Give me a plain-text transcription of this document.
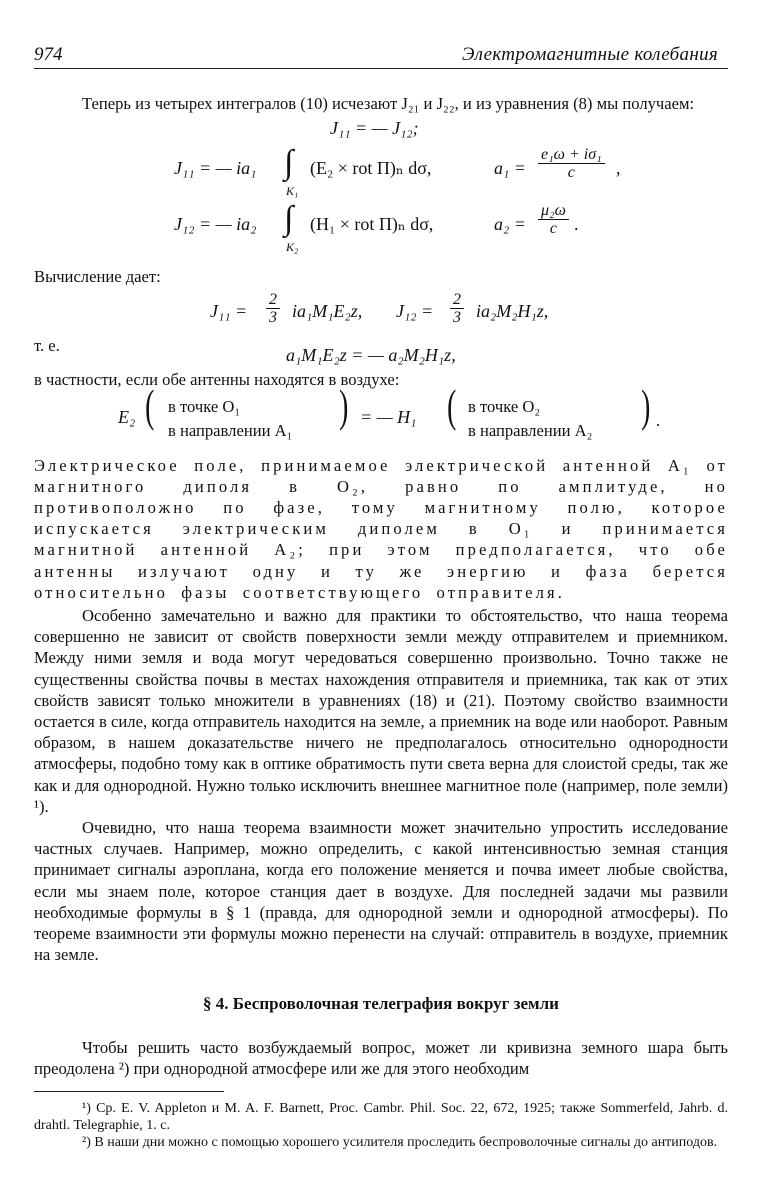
974	Электромагнитные колебания

Теперь из четырех интегралов (10) исчезают J₂₁ и J₂₂, и из уравнения (8) мы получаем:

J₁₁ = — J₁₂;
J₁₁ = — ia₁ ∫
K₁
(E₂ × rot Π)ₙ dσ,	$a_1 = \frac{\text{e₁ω + iσ₁}}{c}$ ,
J₁₂ = — ia₂ ∫
K₂
(H₁ × rot Π)ₙ dσ,	$a_2 = \frac{\text{μ₂ω}}{c}$ .

Вычисление дает:

$J_{11} = \frac{2}{3} ia_1M_1E_2z$, $J_{12} = \frac{2}{3} ia_2M_2H_1z$,

т. е.	a₁M₁E₂z = — a₂M₂H₁z,

в частности, если обе антенны находятся в воздухе:

E₂ ( в точке O₁
в направлении A₁ ) = — H₁ ( в точке O₂
в направлении A₂ ) .

Электрическое поле, принимаемое электрической антенной A₁ от магнитного диполя в O₂, равно по амплитуде, но противоположно по фазе, тому магнитному полю, которое испускается электрическим диполем в O₁ и принимается магнитной антенной A₂; при этом предполагается, что обе антенны излучают одну и ту же энергию и фаза берется относительно фазы соответствующего отправителя.

Особенно замечательно и важно для практики то обстоятельство, что наша теорема совершенно не зависит от свойств поверхности земли между отправителем и приемником. Между ними земля и вода могут чередоваться совершенно произвольно. Точно также не существенны свойства почвы в местах нахождения отправителя и приемника, так как от этих свойств зависят только множители в уравнениях (18) и (21). Поэтому свойство взаимности остается в силе, когда отправитель находится на земле, а приемник на воде или наоборот. Равным образом, в нашем доказательстве ничего не предполагалось относительно однородности атмосферы, подобно тому как в оптике обратимость пути света верна для слоистой среды, так же как и для однородной. Нужно только исключить внешнее магнитное поле (например, поле земли) ¹).

Очевидно, что наша теорема взаимности может значительно упростить исследование частных случаев. Например, можно определить, с какой интенсивностью земная станция принимает сигналы аэроплана, когда его положение меняется и почва имеет любые свойства, если мы знаем поле, которое станция дает в воздухе. Для последней задачи мы развили необходимые формулы в § 1 (правда, для однородной земли и однородной атмосферы). По теореме взаимности эти формулы можно перенести на случай: отправитель в воздухе, приемник на земле.

§ 4. Беспроволочная телеграфия вокруг земли

Чтобы решить часто возбуждаемый вопрос, может ли кривизна земного шара быть преодолена ²) при однородной атмосфере или же для этого необходим

¹) Ср. E. V. Appleton и M. A. F. Barnett, Proc. Cambr. Phil. Soc. 22, 672, 1925; также Sommerfeld, Jahrb. d. drahtl. Telegraphie, 1. c.

²) В наши дни можно с помощью хорошего усилителя проследить беспроволочные сигналы до антиподов.
